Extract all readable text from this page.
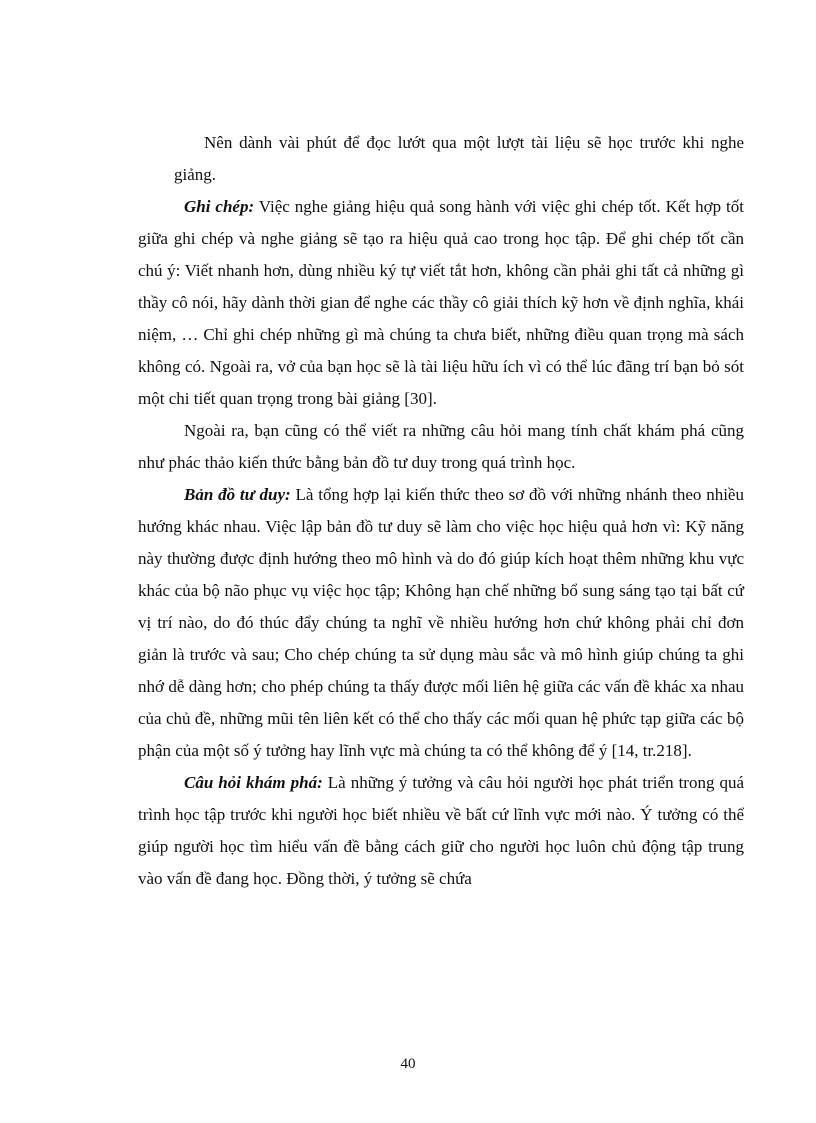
Nên dành vài phút để đọc lướt qua một lượt tài liệu sẽ học trước khi nghe giảng.

Ghi chép: Việc nghe giảng hiệu quả song hành với việc ghi chép tốt. Kết hợp tốt giữa ghi chép và nghe giảng sẽ tạo ra hiệu quả cao trong học tập. Để ghi chép tốt cần chú ý: Viết nhanh hơn, dùng nhiều ký tự viết tắt hơn, không cần phải ghi tất cả những gì thầy cô nói, hãy dành thời gian để nghe các thầy cô giải thích kỹ hơn về định nghĩa, khái niệm, … Chỉ ghi chép những gì mà chúng ta chưa biết, những điều quan trọng mà sách không có. Ngoài ra, vở của bạn học sẽ là tài liệu hữu ích vì có thể lúc đãng trí bạn bỏ sót một chi tiết quan trọng trong bài giảng [30].

Ngoài ra, bạn cũng có thể viết ra những câu hỏi mang tính chất khám phá cũng như phác thảo kiến thức bằng bản đồ tư duy trong quá trình học.

Bản đồ tư duy: Là tổng hợp lại kiến thức theo sơ đồ với những nhánh theo nhiều hướng khác nhau. Việc lập bản đồ tư duy sẽ làm cho việc học hiệu quả hơn vì: Kỹ năng này thường được định hướng theo mô hình và do đó giúp kích hoạt thêm những khu vực khác của bộ não phục vụ việc học tập; Không hạn chế những bổ sung sáng tạo tại bất cứ vị trí nào, do đó thúc đẩy chúng ta nghĩ về nhiều hướng hơn chứ không phải chỉ đơn giản là trước và sau; Cho chép chúng ta sử dụng màu sắc và mô hình giúp chúng ta ghi nhớ dễ dàng hơn; cho phép chúng ta thấy được mối liên hệ giữa các vấn đề khác xa nhau của chủ đề, những mũi tên liên kết có thể cho thấy các mối quan hệ phức tạp giữa các bộ phận của một số ý tưởng hay lĩnh vực mà chúng ta có thể không để ý [14, tr.218].

Câu hỏi khám phá: Là những ý tưởng và câu hỏi người học phát triển trong quá trình học tập trước khi người học biết nhiều về bất cứ lĩnh vực mới nào. Ý tưởng có thể giúp người học tìm hiểu vấn đề bằng cách giữ cho người học luôn chủ động tập trung vào vấn đề đang học. Đồng thời, ý tưởng sẽ chứa

40
